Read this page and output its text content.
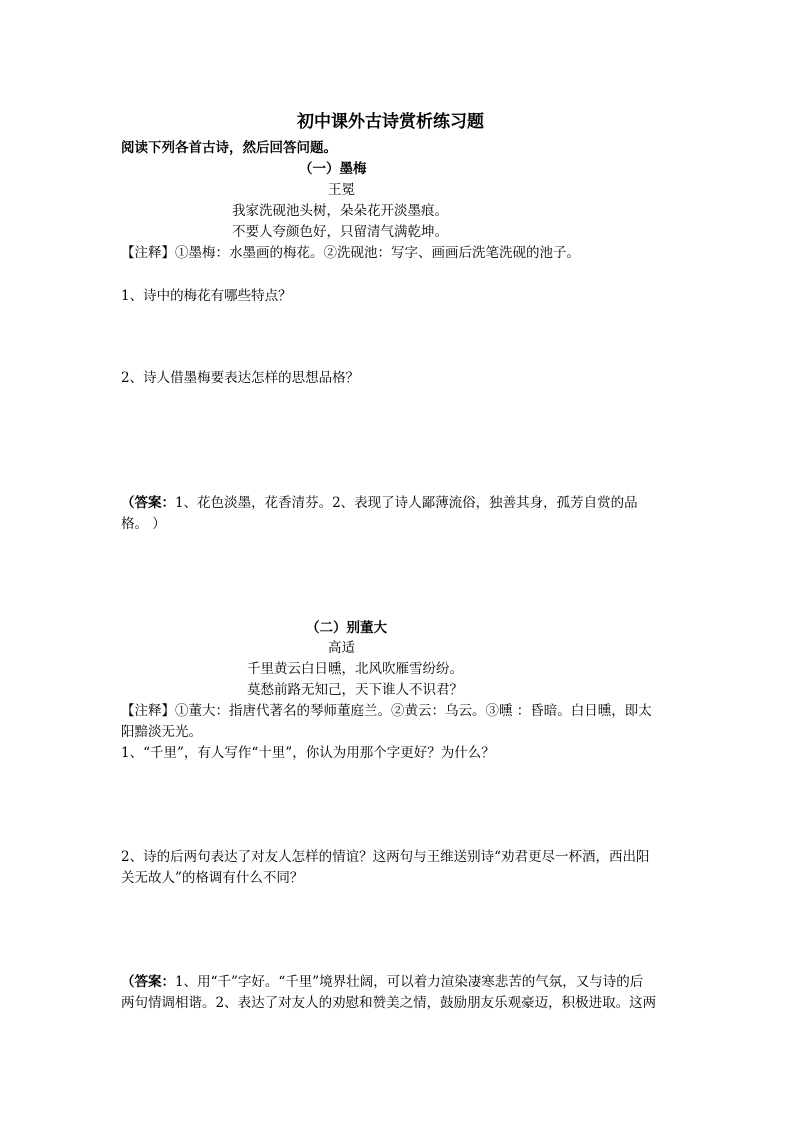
初中课外古诗赏析练习题
阅读下列各首古诗，然后回答问题。
（一）墨梅
王冕
我家洗砚池头树，朵朵花开淡墨痕。
不要人夸颜色好，只留清气满乾坤。
【注释】①墨梅：水墨画的梅花。②洗砚池：写字、画画后洗笔洗砚的池子。
1、诗中的梅花有哪些特点？
2、诗人借墨梅要表达怎样的思想品格？
（答案：1、花色淡墨，花香清芬。2、表现了诗人鄙薄流俗，独善其身，孤芳自赏的品
格。 ）
（二）别董大
高适
千里黄云白日曛，北风吹雁雪纷纷。
莫愁前路无知己，天下谁人不识君？
【注释】①董大：指唐代著名的琴师董庭兰。②黄云：乌云。③曛 ：昏暗。白日曛，即太
阳黯淡无光。
1、“千里”，有人写作“十里”，你认为用那个字更好？为什么？
2、诗的后两句表达了对友人怎样的情谊？这两句与王维送别诗“劝君更尽一杯酒，西出阳
关无故人”的格调有什么不同？
（答案：1、用“千”字好。“千里”境界壮阔，可以着力渲染凄寒悲苦的气氛，又与诗的后
两句情调相谐。2、表达了对友人的劝慰和赞美之情，鼓励朋友乐观豪迈，积极进取。这两
